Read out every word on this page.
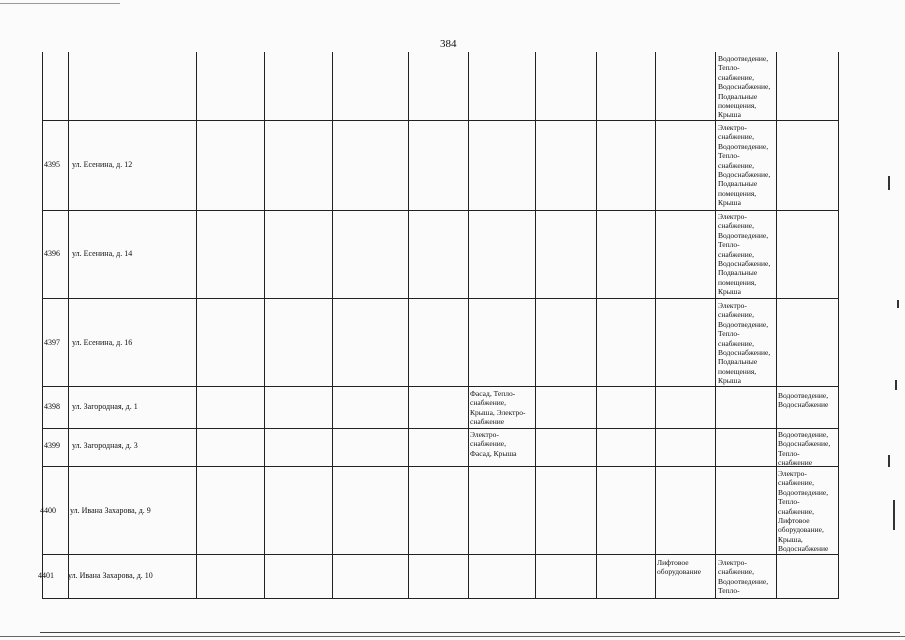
384
Водоотведение,
Тепло-
снабжение,
Водоснабжение,
Подвальные
помещения,
Крыша
4395 ул. Есенина, д. 12
Электро-
снабжение,
Водоотведение,
Тепло-
снабжение,
Водоснабжение,
Подвальные
помещения,
Крыша
4396 ул. Есенина, д. 14
Электро-
снабжение,
Водоотведение,
Тепло-
снабжение,
Водоснабжение,
Подвальные
помещения,
Крыша
4397 ул. Есенина, д. 16
Электро-
снабжение,
Водоотведение,
Тепло-
снабжение,
Водоснабжение,
Подвальные
помещения,
Крыша
4398 ул. Загородная, д. 1
Фасад, Тепло-
снабжение,
Крыша, Электро-
снабжение
Водоотведение,
Водоснабжение
4399 ул. Загородная, д. 3
Электро-
снабжение,
Фасад, Крыша
Водоотведение,
Водоснабжение,
Тепло-
снабжение
4400 ул. Ивана Захарова, д. 9
Электро-
снабжение,
Водоотведение,
Тепло-
снабжение,
Лифтовое
оборудование,
Крыша,
Водоснабжение
4401 ул. Ивана Захарова, д. 10
Лифтовое
оборудование
Электро-
снабжение,
Водоотведение,
Тепло-
